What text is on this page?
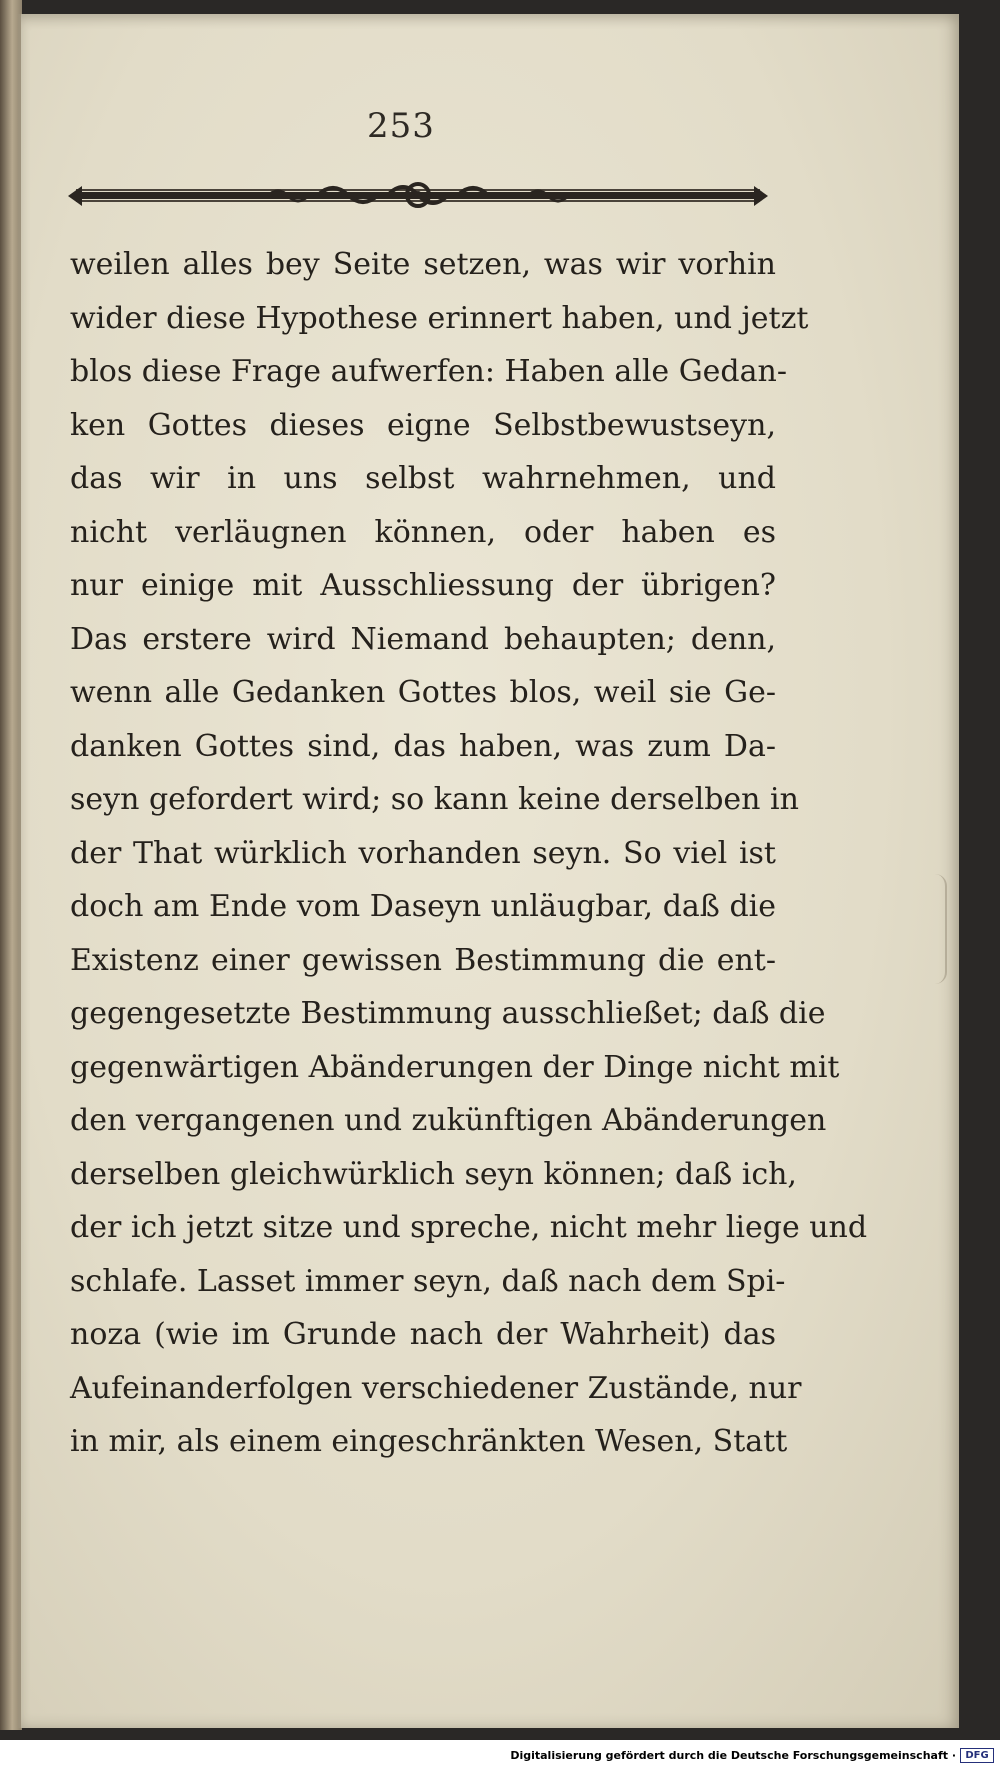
253
weilen alles bey Seite setzen, was wir vorhin
wider diese Hypothese erinnert haben, und jetzt
blos diese Frage aufwerfen: Haben alle Gedan-
ken Gottes dieses eigne Selbstbewustseyn,
das wir in uns selbst wahrnehmen, und
nicht verläugnen können, oder haben es
nur einige mit Ausschliessung der übrigen?
Das erstere wird Niemand behaupten; denn,
wenn alle Gedanken Gottes blos, weil sie Ge-
danken Gottes sind, das haben, was zum Da-
seyn gefordert wird; so kann keine derselben in
der That würklich vorhanden seyn. So viel ist
doch am Ende vom Daseyn unläugbar, daß die
Existenz einer gewissen Bestimmung die ent-
gegengesetzte Bestimmung ausschließet; daß die
gegenwärtigen Abänderungen der Dinge nicht mit
den vergangenen und zukünftigen Abänderungen
derselben gleichwürklich seyn können; daß ich,
der ich jetzt sitze und spreche, nicht mehr liege und
schlafe. Lasset immer seyn, daß nach dem Spi-
noza (wie im Grunde nach der Wahrheit) das
Aufeinanderfolgen verschiedener Zustände, nur
in mir, als einem eingeschränkten Wesen, Statt
Digitalisierung gefördert durch die Deutsche Forschungsgemeinschaft · DFG
